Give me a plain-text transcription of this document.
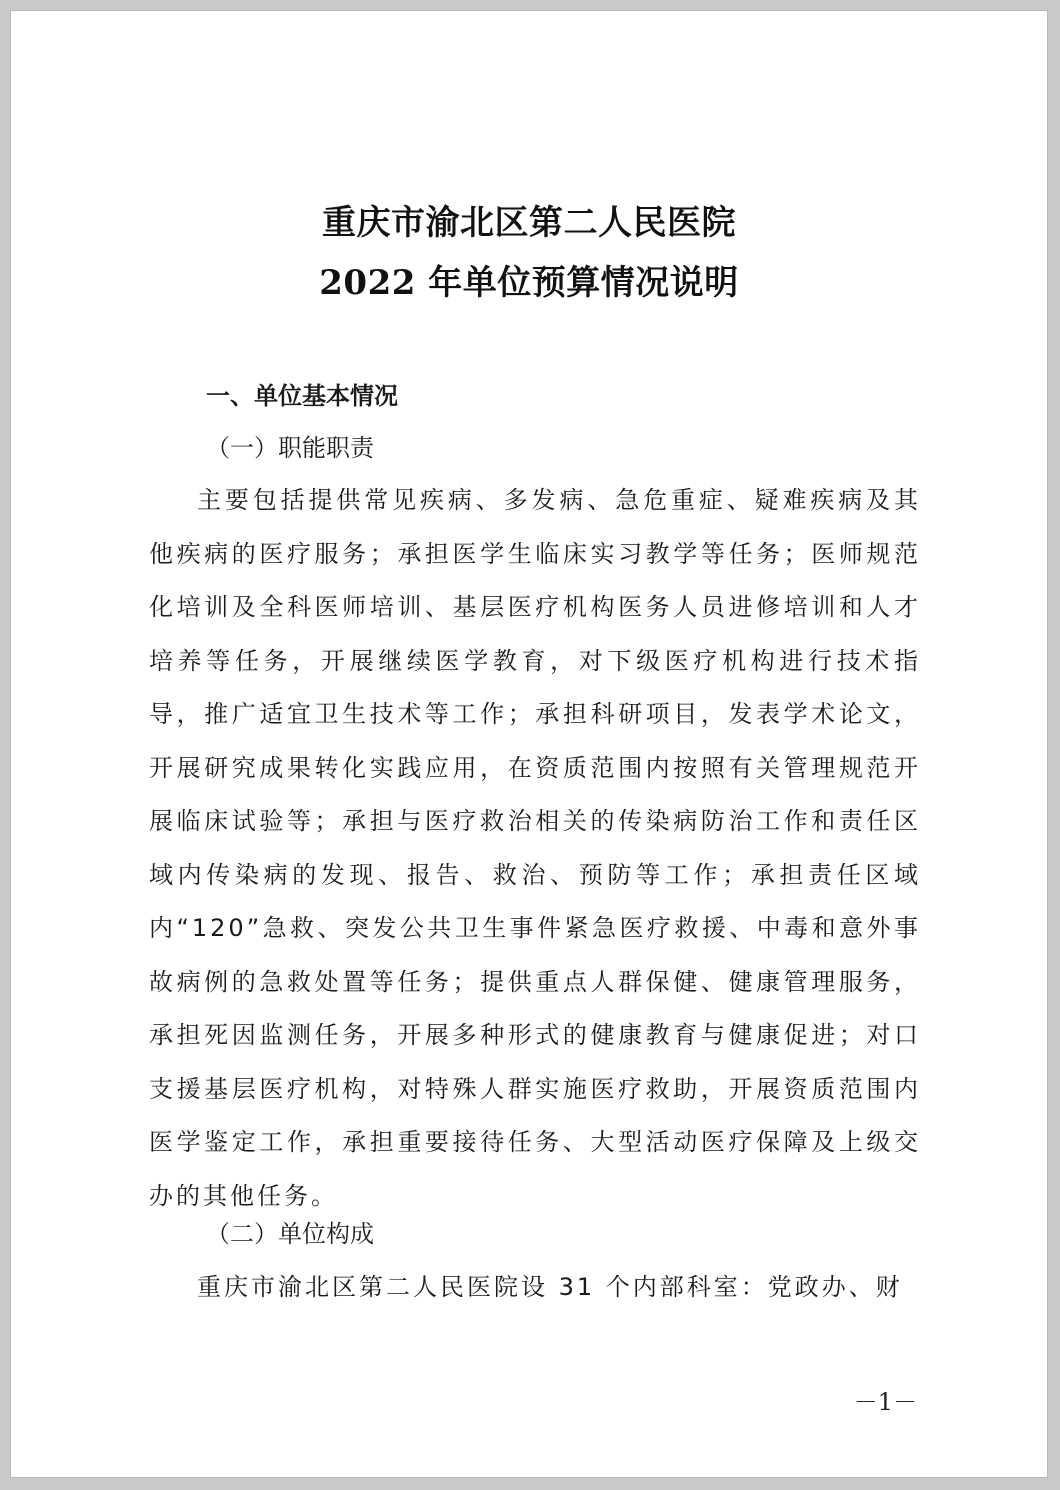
重庆市渝北区第二人民医院
2022 年单位预算情况说明
一、单位基本情况
（一）职能职责
主要包括提供常见疾病、多发病、急危重症、疑难疾病及其他疾病的医疗服务；承担医学生临床实习教学等任务；医师规范化培训及全科医师培训、基层医疗机构医务人员进修培训和人才培养等任务，开展继续医学教育，对下级医疗机构进行技术指导，推广适宜卫生技术等工作；承担科研项目，发表学术论文，开展研究成果转化实践应用，在资质范围内按照有关管理规范开展临床试验等；承担与医疗救治相关的传染病防治工作和责任区域内传染病的发现、报告、救治、预防等工作；承担责任区域内“120”急救、突发公共卫生事件紧急医疗救援、中毒和意外事故病例的急救处置等任务；提供重点人群保健、健康管理服务，承担死因监测任务，开展多种形式的健康教育与健康促进；对口支援基层医疗机构，对特殊人群实施医疗救助，开展资质范围内医学鉴定工作，承担重要接待任务、大型活动医疗保障及上级交办的其他任务。
（二）单位构成
重庆市渝北区第二人民医院设 31 个内部科室：党政办、财
－1－
